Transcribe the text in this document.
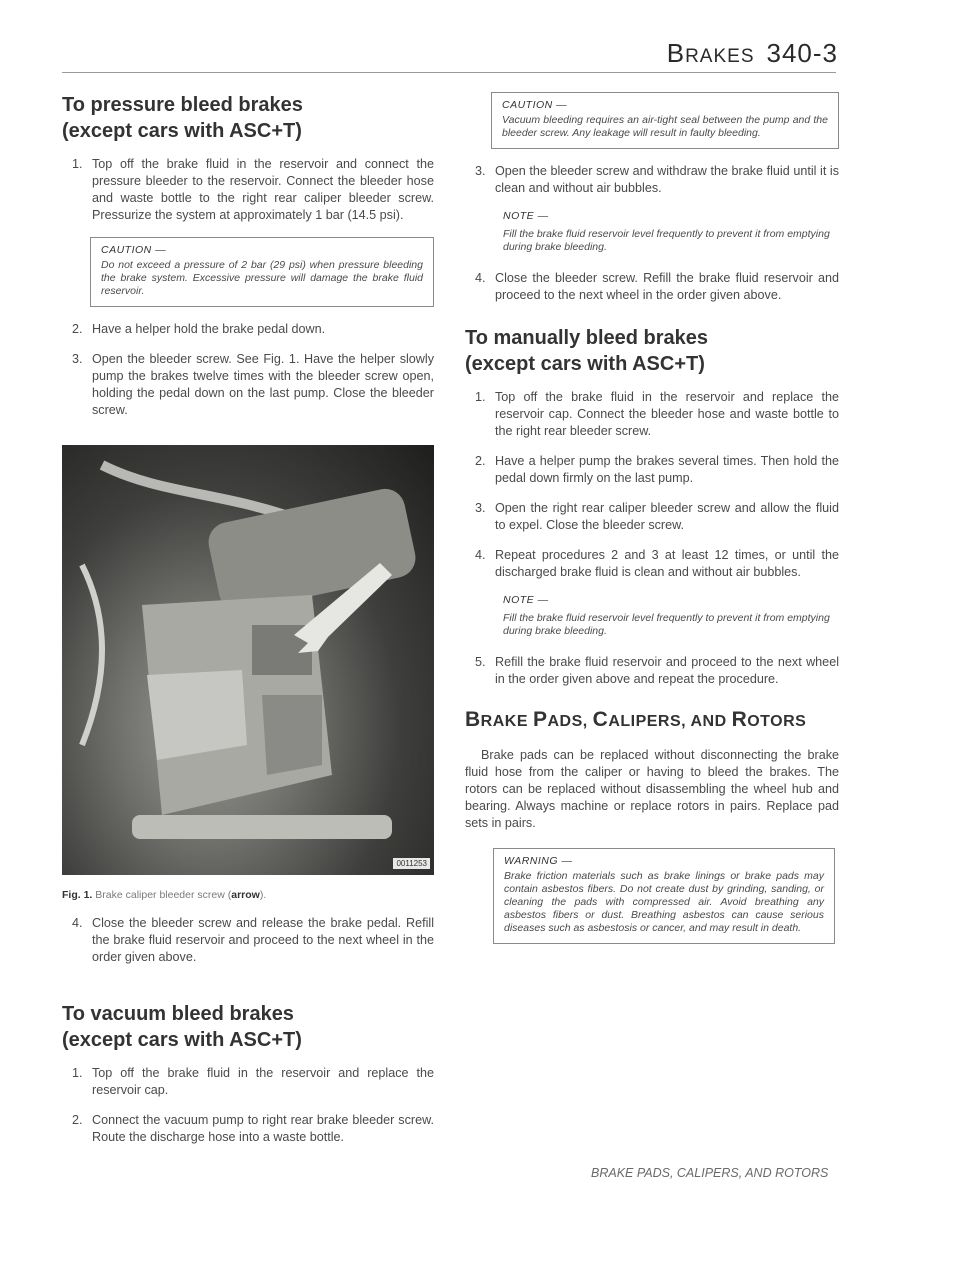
BRAKES 340-3
To pressure bleed brakes
(except cars with ASC+T)
1. Top off the brake fluid in the reservoir and connect the pressure bleeder to the reservoir. Connect the bleeder hose and waste bottle to the right rear caliper bleeder screw. Pressurize the system at approximately 1 bar (14.5 psi).
CAUTION —
Do not exceed a pressure of 2 bar (29 psi) when pressure bleeding the brake system. Excessive pressure will damage the brake fluid reservoir.
2. Have a helper hold the brake pedal down.
3. Open the bleeder screw. See Fig. 1. Have the helper slowly pump the brakes twelve times with the bleeder screw open, holding the pedal down on the last pump. Close the bleeder screw.
0011253
Fig. 1. Brake caliper bleeder screw (arrow).
4. Close the bleeder screw and release the brake pedal. Refill the brake fluid reservoir and proceed to the next wheel in the order given above.
To vacuum bleed brakes
(except cars with ASC+T)
1. Top off the brake fluid in the reservoir and replace the reservoir cap.
2. Connect the vacuum pump to right rear brake bleeder screw. Route the discharge hose into a waste bottle.
CAUTION —
Vacuum bleeding requires an air-tight seal between the pump and the bleeder screw. Any leakage will result in faulty bleeding.
3. Open the bleeder screw and withdraw the brake fluid until it is clean and without air bubbles.
NOTE —
Fill the brake fluid reservoir level frequently to prevent it from emptying during brake bleeding.
4. Close the bleeder screw. Refill the brake fluid reservoir and proceed to the next wheel in the order given above.
To manually bleed brakes
(except cars with ASC+T)
1. Top off the brake fluid in the reservoir and replace the reservoir cap. Connect the bleeder hose and waste bottle to the right rear bleeder screw.
2. Have a helper pump the brakes several times. Then hold the pedal down firmly on the last pump.
3. Open the right rear caliper bleeder screw and allow the fluid to expel. Close the bleeder screw.
4. Repeat procedures 2 and 3 at least 12 times, or until the discharged brake fluid is clean and without air bubbles.
NOTE —
Fill the brake fluid reservoir level frequently to prevent it from emptying during brake bleeding.
5. Refill the brake fluid reservoir and proceed to the next wheel in the order given above and repeat the procedure.
BRAKE PADS, CALIPERS, AND ROTORS

Brake pads can be replaced without disconnecting the brake fluid hose from the caliper or having to bleed the brakes. The rotors can be replaced without disassembling the wheel hub and bearing. Always machine or replace rotors in pairs. Replace pad sets in pairs.

WARNING —
Brake friction materials such as brake linings or brake pads may contain asbestos fibers. Do not create dust by grinding, sanding, or cleaning the pads with compressed air. Avoid breathing any asbestos fibers or dust. Breathing asbestos can cause serious diseases such as asbestosis or cancer, and may result in death.
BRAKE PADS, CALIPERS, AND ROTORS
